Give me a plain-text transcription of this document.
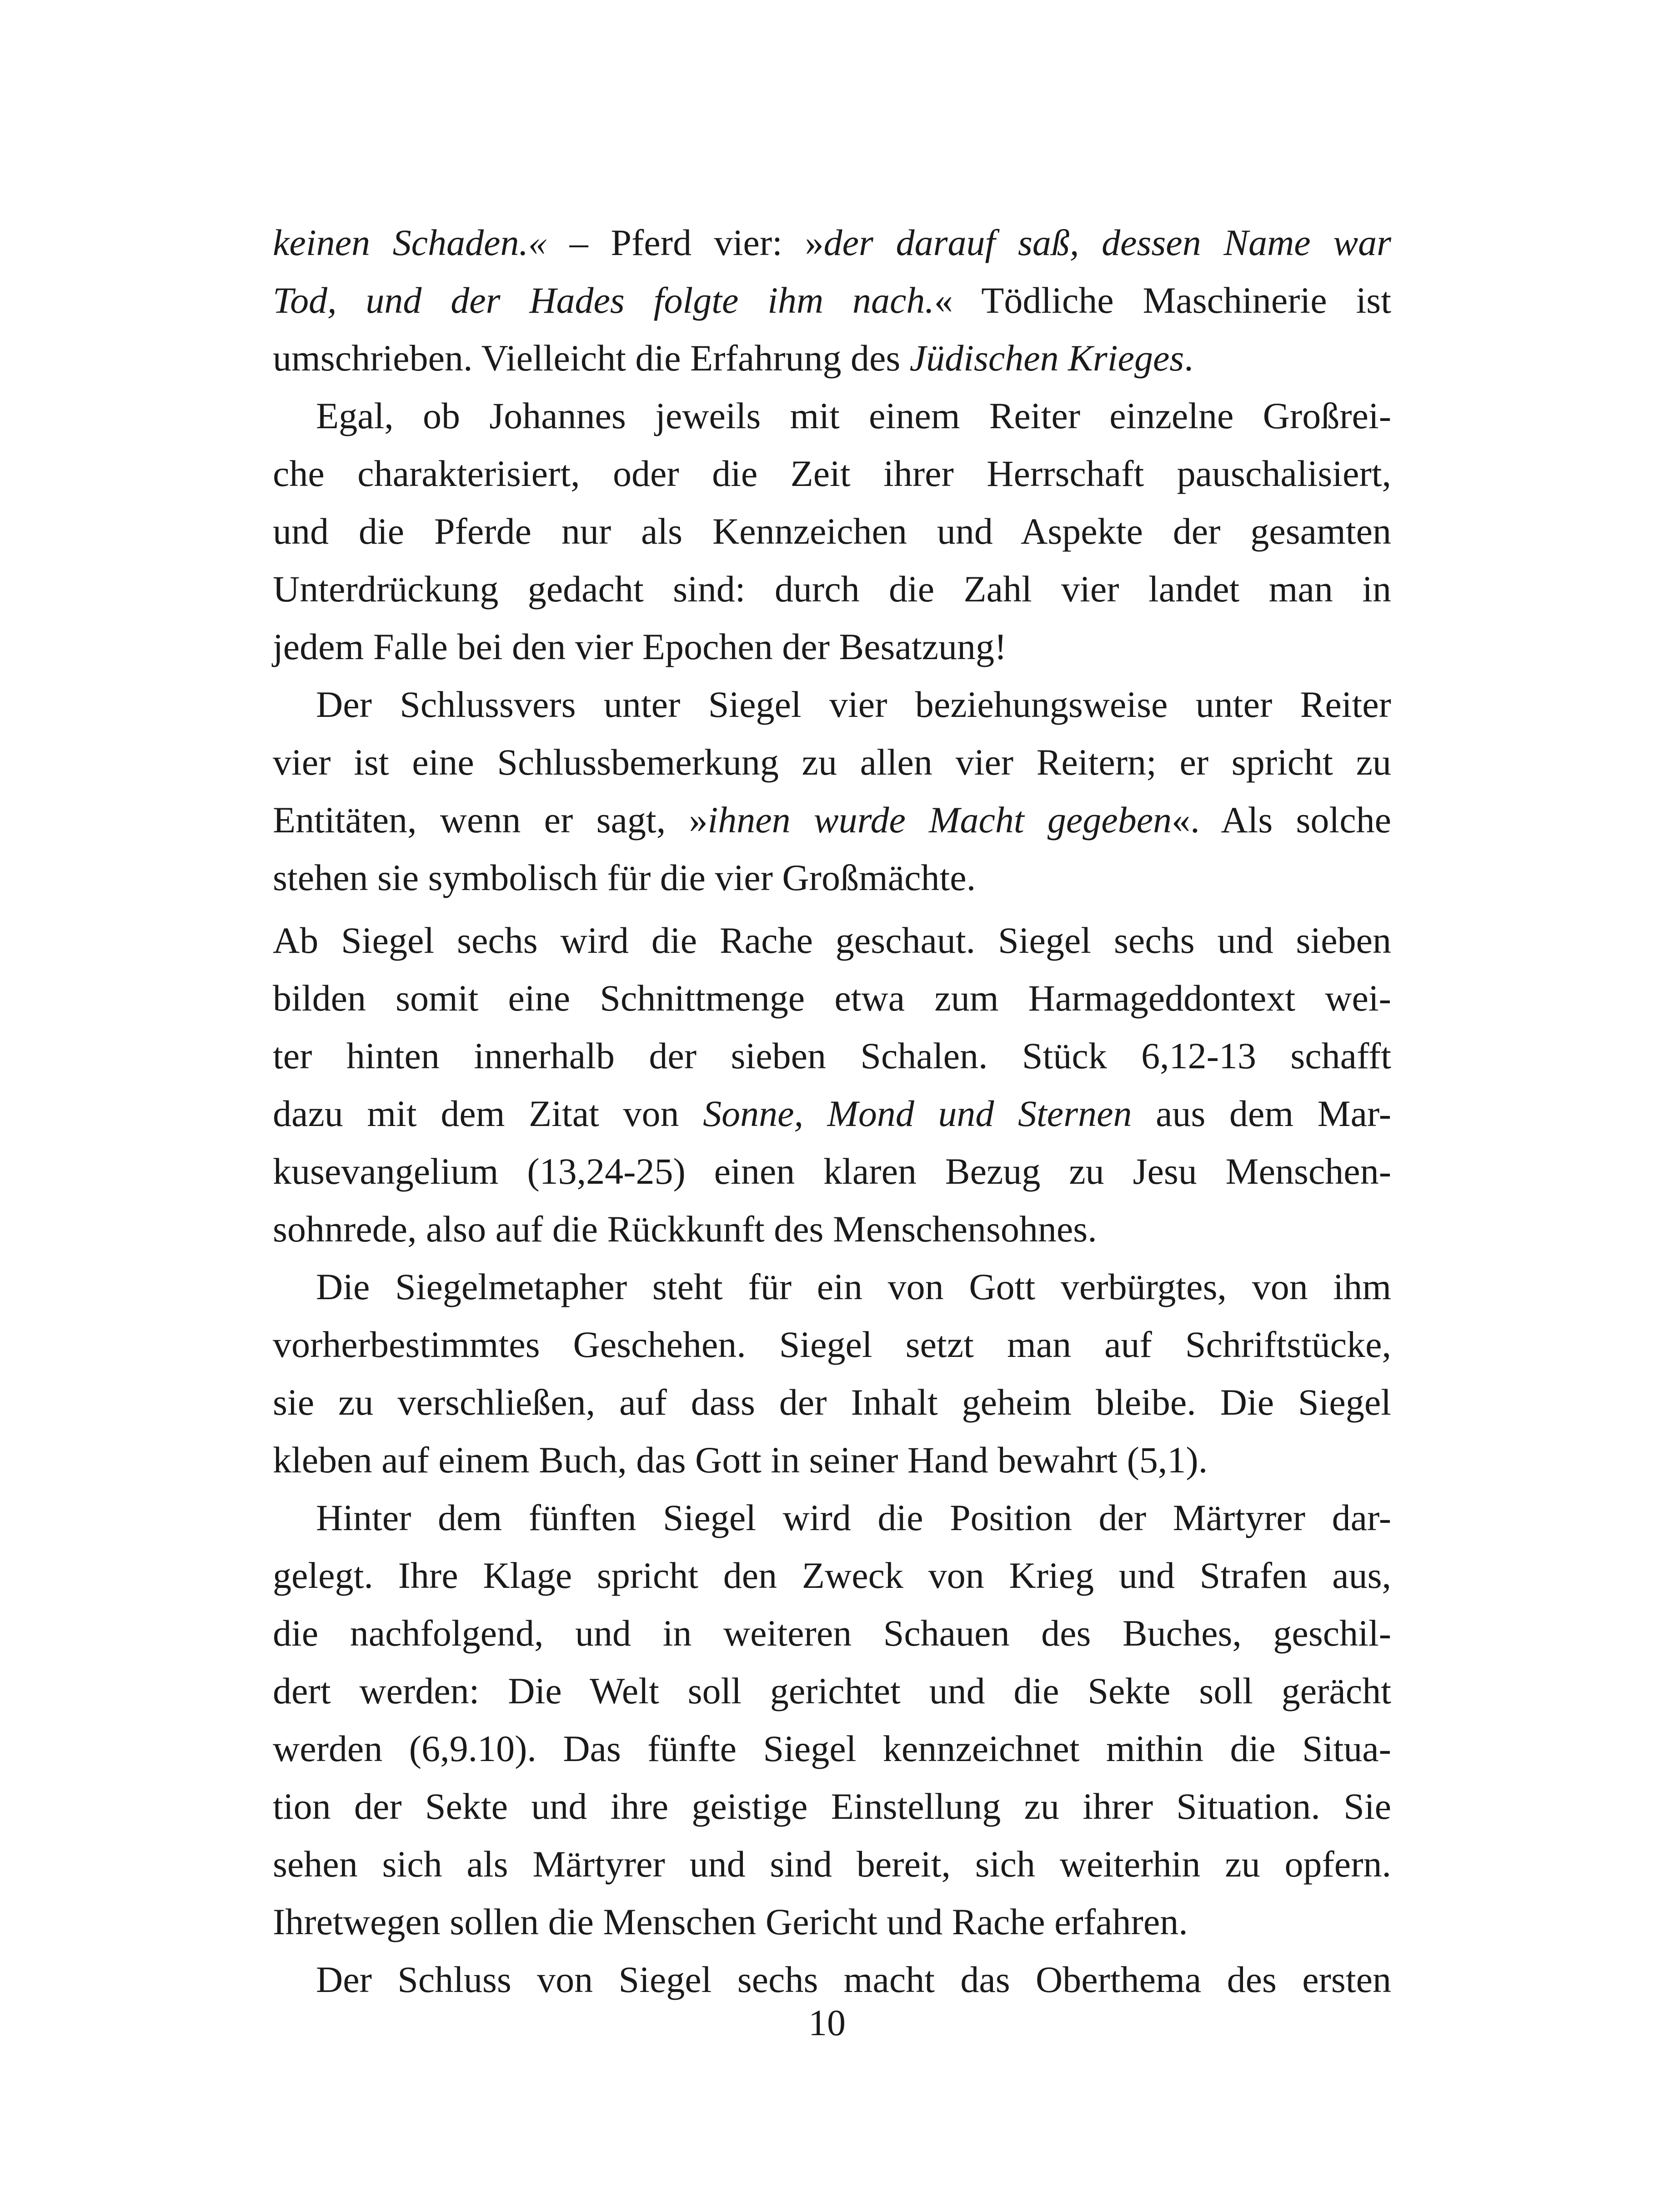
keinen Schaden.« – Pferd vier: »der darauf saß, dessen Name war
Tod, und der Hades folgte ihm nach.« Tödliche Maschinerie ist
umschrieben. Vielleicht die Erfahrung des Jüdischen Krieges.
Egal, ob Johannes jeweils mit einem Reiter einzelne Großrei-
che charakterisiert, oder die Zeit ihrer Herrschaft pauschalisiert,
und die Pferde nur als Kennzeichen und Aspekte der gesamten
Unterdrückung gedacht sind: durch die Zahl vier landet man in
jedem Falle bei den vier Epochen der Besatzung!
Der Schlussvers unter Siegel vier beziehungsweise unter Reiter
vier ist eine Schlussbemerkung zu allen vier Reitern; er spricht zu
Entitäten, wenn er sagt, »ihnen wurde Macht gegeben«. Als solche
stehen sie symbolisch für die vier Großmächte.
Ab Siegel sechs wird die Rache geschaut. Siegel sechs und sieben
bilden somit eine Schnittmenge etwa zum Harmageddontext wei-
ter hinten innerhalb der sieben Schalen. Stück 6,12-13 schafft
dazu mit dem Zitat von Sonne, Mond und Sternen aus dem Mar-
kusevangelium (13,24-25) einen klaren Bezug zu Jesu Menschen-
sohnrede, also auf die Rückkunft des Menschensohnes.
Die Siegelmetapher steht für ein von Gott verbürgtes, von ihm
vorherbestimmtes Geschehen. Siegel setzt man auf Schriftstücke,
sie zu verschließen, auf dass der Inhalt geheim bleibe. Die Siegel
kleben auf einem Buch, das Gott in seiner Hand bewahrt (5,1).
Hinter dem fünften Siegel wird die Position der Märtyrer dar-
gelegt. Ihre Klage spricht den Zweck von Krieg und Strafen aus,
die nachfolgend, und in weiteren Schauen des Buches, geschil-
dert werden: Die Welt soll gerichtet und die Sekte soll gerächt
werden (6,9.10). Das fünfte Siegel kennzeichnet mithin die Situa-
tion der Sekte und ihre geistige Einstellung zu ihrer Situation. Sie
sehen sich als Märtyrer und sind bereit, sich weiterhin zu opfern.
Ihretwegen sollen die Menschen Gericht und Rache erfahren.
Der Schluss von Siegel sechs macht das Oberthema des ersten
10
